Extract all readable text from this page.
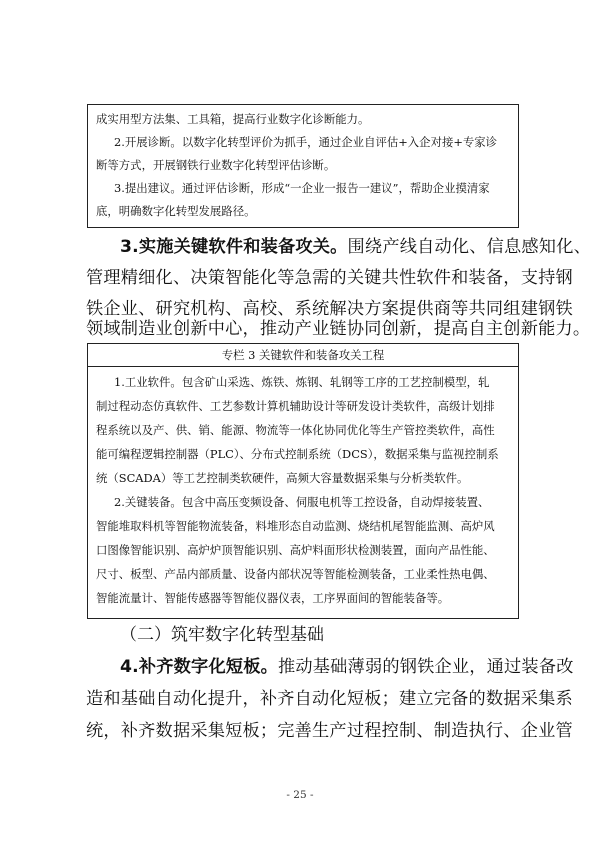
成实用型方法集、工具箱，提高行业数字化诊断能力。
2.开展诊断。以数字化转型评价为抓手，通过企业自评估+入企对接+专家诊
断等方式，开展钢铁行业数字化转型评估诊断。
3.提出建议。通过评估诊断，形成“一企业一报告一建议”，帮助企业摸清家
底，明确数字化转型发展路径。
3.实施关键软件和装备攻关。围绕产线自动化、信息感知化、
管理精细化、决策智能化等急需的关键共性软件和装备，支持钢
铁企业、研究机构、高校、系统解决方案提供商等共同组建钢铁
领域制造业创新中心，推动产业链协同创新，提高自主创新能力。
专栏 3 关键软件和装备攻关工程
1.工业软件。包含矿山采选、炼铁、炼钢、轧钢等工序的工艺控制模型，轧
制过程动态仿真软件、工艺参数计算机辅助设计等研发设计类软件，高级计划排
程系统以及产、供、销、能源、物流等一体化协同优化等生产管控类软件，高性
能可编程逻辑控制器（PLC）、分布式控制系统（DCS），数据采集与监视控制系
统（SCADA）等工艺控制类软硬件，高频大容量数据采集与分析类软件。
2.关键装备。包含中高压变频设备、伺服电机等工控设备，自动焊接装置、
智能堆取料机等智能物流装备，料堆形态自动监测、烧结机尾智能监测、高炉风
口图像智能识别、高炉炉顶智能识别、高炉料面形状检测装置，面向产品性能、
尺寸、板型、产品内部质量、设备内部状况等智能检测装备，工业柔性热电偶、
智能流量计、智能传感器等智能仪器仪表，工序界面间的智能装备等。
（二）筑牢数字化转型基础
4.补齐数字化短板。推动基础薄弱的钢铁企业，通过装备改
造和基础自动化提升，补齐自动化短板；建立完备的数据采集系
统，补齐数据采集短板；完善生产过程控制、制造执行、企业管
- 25 -
